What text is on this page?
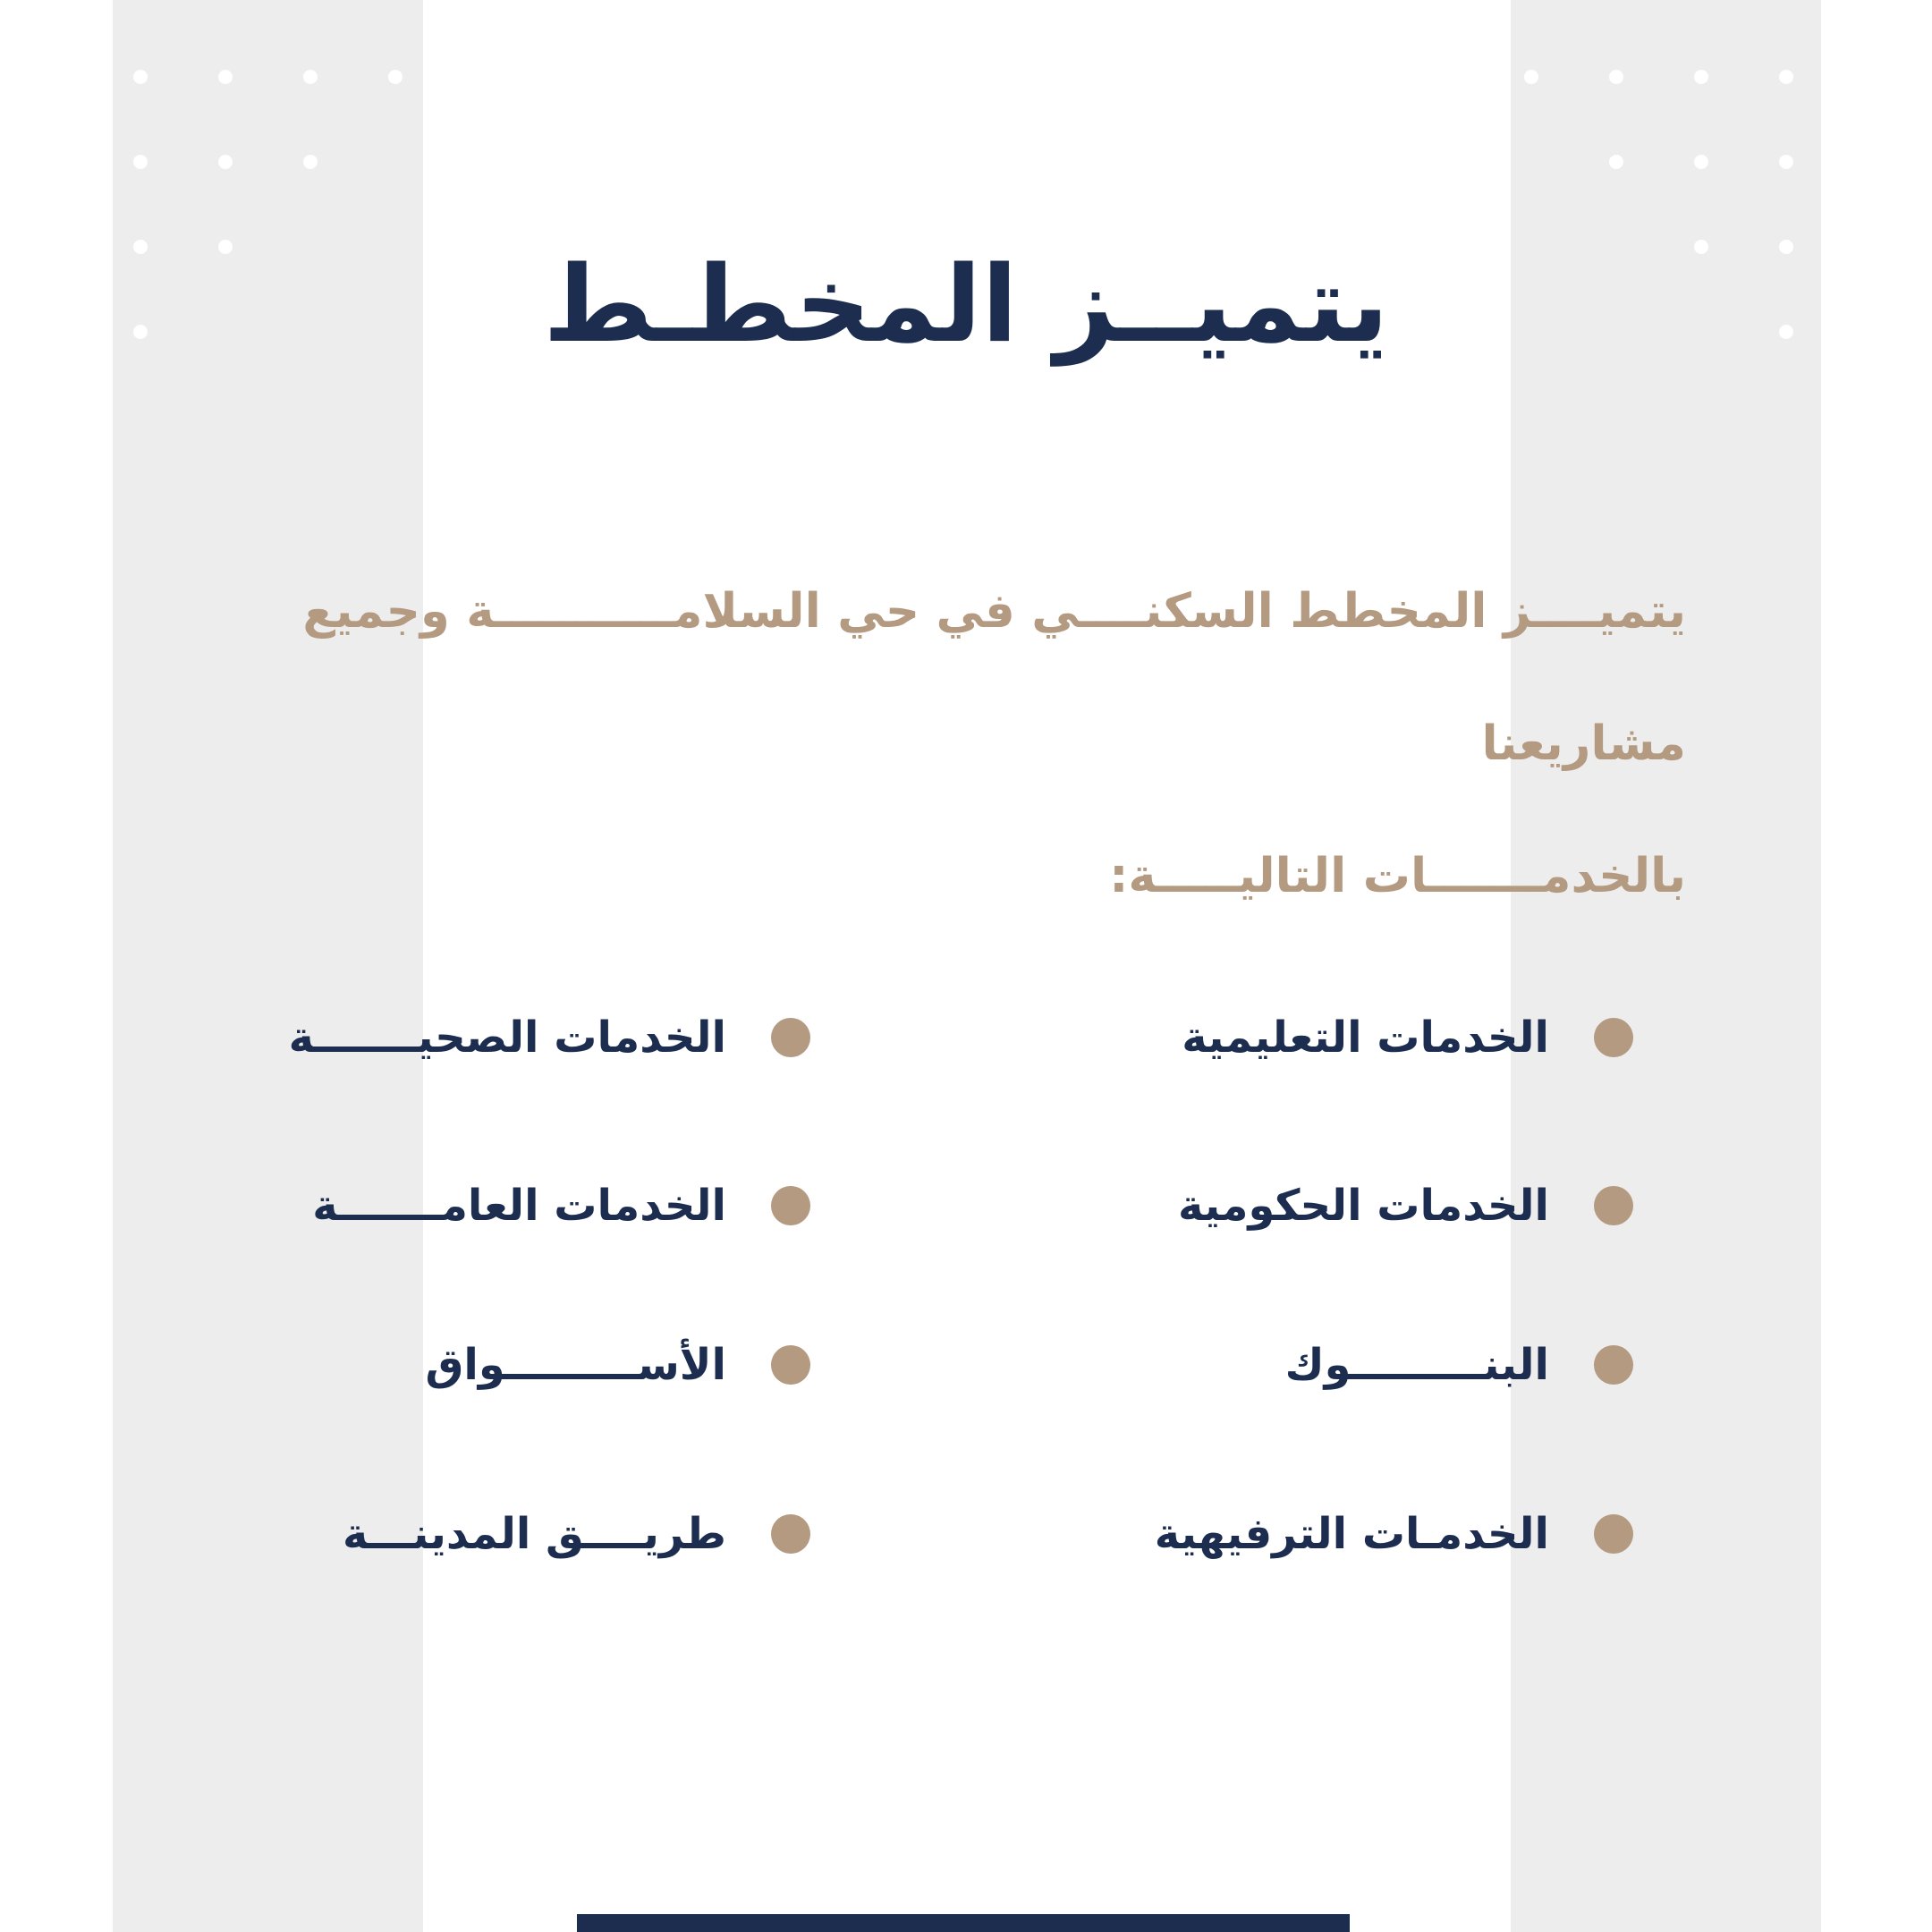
يتميــز المخطـط

يتميــــز المخطط السكنــــي في حي السلامـــــــــــة وجميع مشاريعنا

بالخدمـــــــات التاليـــــة:

الخدمات التعليمية
الخدمات الصحيـــــــة
الخدمات الحكومية
الخدمات العامـــــــة
البنـــــــــوك
الأســـــــــواق
الخدمـات الترفيهية
طريــــق المدينـــة
